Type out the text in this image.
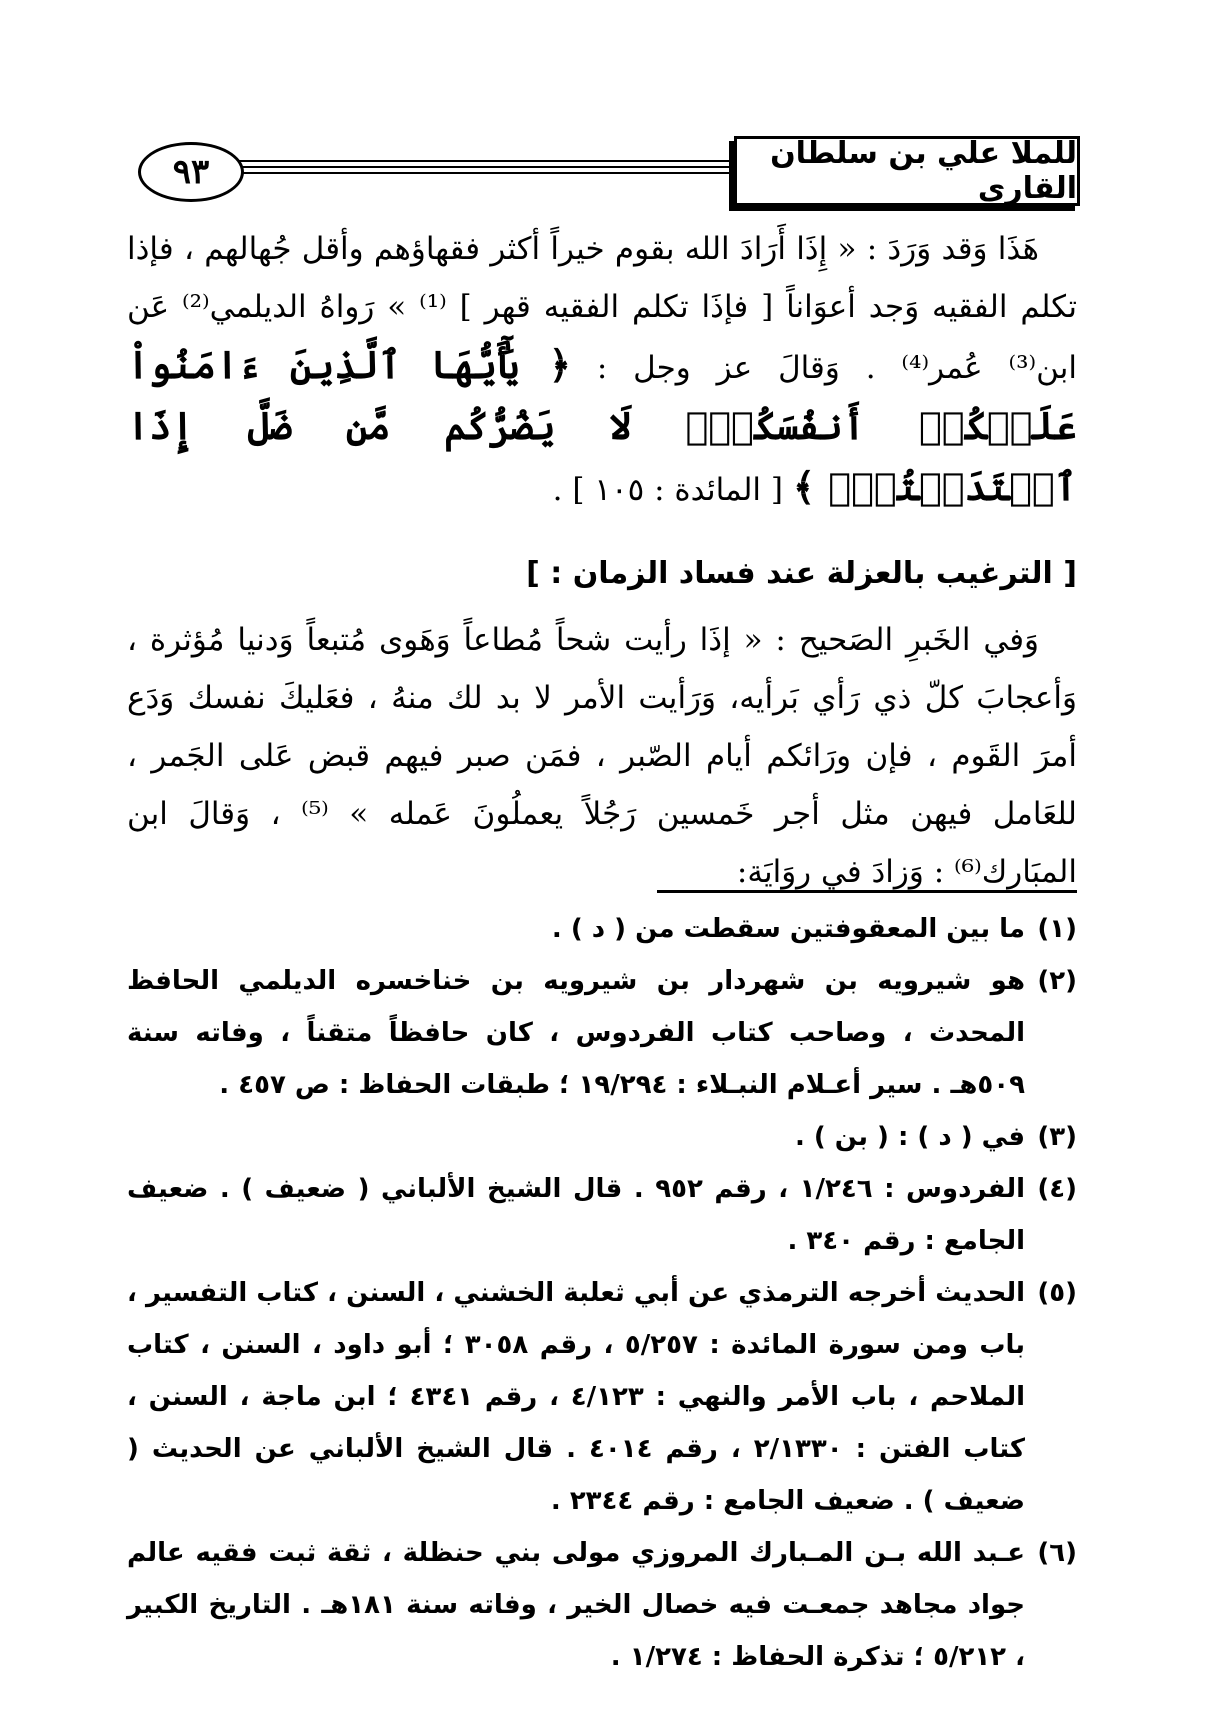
٩٣	للملا علي بن سلطان القاري

هَذَا وَقد وَرَدَ : « إِذَا أَرَادَ الله بقوم خيراً أكثر فقهاؤهم وأقل جُهالهم ، فإذا تكلم الفقيه وَجد أعوَاناً [ فإذَا تكلم الفقيه قهر ] ⁽¹⁾ » رَواهُ الديلمي⁽²⁾ عَن ابن⁽³⁾ عُمر⁽⁴⁾ . وَقالَ عز وجل : ﴿ يَٰٓأَيُّهَا ٱلَّذِينَ ءَامَنُواْ عَلَيۡكُمۡ أَنفُسَكُمۡۖ لَا يَضُرُّكُم مَّن ضَلَّ إِذَا ٱهۡتَدَيۡتُمۡۚ ﴾ [ المائدة : ١٠٥ ] .

[ الترغيب بالعزلة عند فساد الزمان : ]

وَفي الخَبرِ الصَحيح : « إذَا رأيت شحاً مُطاعاً وَهَوى مُتبعاً وَدنيا مُؤثرة ، وَأعجابَ كلّ ذي رَأي بَرأيه، وَرَأيت الأمر لا بد لك منهُ ، فعَليكَ نفسك وَدَع أمرَ القَوم ، فإن ورَائكم أيام الصّبر ، فمَن صبر فيهم قبض عَلى الجَمر ، للعَامل فيهن مثل أجر خَمسين رَجُلاً يعملُونَ عَمله » ⁽⁵⁾ ، وَقالَ ابن المبَارك⁽⁶⁾ : وَزادَ في روَايَة:

(١)
ما بين المعقوفتين سقطت من ( د ) .
(٢)
هو شيرويه بن شهردار بن شيرويه بن خناخسره الديلمي الحافظ المحدث ، وصاحب كتاب الفردوس ، كان حافظاً متقناً ، وفاته سنة ٥٠٩هـ . سير أعـلام النبـلاء : ١٩/٢٩٤ ؛ طبقات الحفاظ : ص ٤٥٧ .
(٣)
في ( د ) : ( بن ) .
(٤)
الفردوس : ١/٢٤٦ ، رقم ٩٥٢ . قال الشيخ الألباني ( ضعيف ) . ضعيف الجامع : رقم ٣٤٠ .
(٥)
الحديث أخرجه الترمذي عن أبي ثعلبة الخشني ، السنن ، كتاب التفسير ، باب ومن سورة المائدة : ٥/٢٥٧ ، رقم ٣٠٥٨ ؛ أبو داود ، السنن ، كتاب الملاحم ، باب الأمر والنهي : ٤/١٢٣ ، رقم ٤٣٤١ ؛ ابن ماجة ، السنن ، كتاب الفتن : ٢/١٣٣٠ ، رقم ٤٠١٤ . قال الشيخ الألباني عن الحديث ( ضعيف ) . ضعيف الجامع : رقم ٢٣٤٤ .
(٦)
عـبد الله بـن المـبارك المروزي مولى بني حنظلة ، ثقة ثبت فقيه عالم جواد مجاهد جمعـت فيه خصال الخير ، وفاته سنة ١٨١هـ . التاريخ الكبير ، ٥/٢١٢ ؛ تذكرة الحفاظ : ١/٢٧٤ .
